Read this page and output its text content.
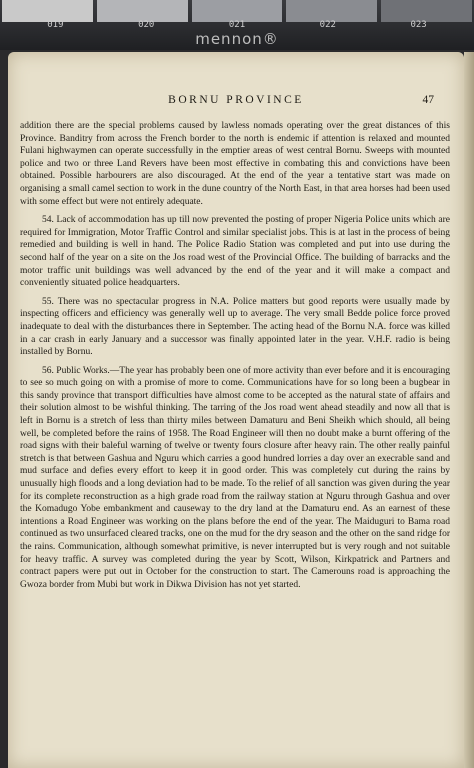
019	020	021	022	023
mennon®
BORNU PROVINCE	47

addition there are the special problems caused by lawless nomads operating over the great distances of this Province. Banditry from across the French border to the north is endemic if attention is relaxed and mounted Fulani highwaymen can operate successfully in the emptier areas of west central Bornu. Sweeps with mounted police and two or three Land Revers have been most effective in combating this and convictions have been obtained. Possible harbourers are also discouraged. At the end of the year a tentative start was made on organising a small camel section to work in the dune country of the North East, in that area horses had been used with some effect but were not entirely adequate.

54. Lack of accommodation has up till now prevented the posting of proper Nigeria Police units which are required for Immigration, Motor Traffic Control and similar specialist jobs. This is at last in the process of being remedied and building is well in hand. The Police Radio Station was completed and put into use during the second half of the year on a site on the Jos road west of the Provincial Office. The building of barracks and the motor traffic unit buildings was well advanced by the end of the year and it will make a compact and conveniently situated police headquarters.

55. There was no spectacular progress in N.A. Police matters but good reports were usually made by inspecting officers and efficiency was generally well up to average. The very small Bedde police force proved inadequate to deal with the disturbances there in September. The acting head of the Bornu N.A. force was killed in a car crash in early January and a successor was finally appointed later in the year. V.H.F. radio is being installed by Bornu.

56. Public Works.—The year has probably been one of more activity than ever before and it is encouraging to see so much going on with a promise of more to come. Communications have for so long been a bugbear in this sandy province that transport difficulties have almost come to be accepted as the natural state of affairs and their solution almost to be wishful thinking. The tarring of the Jos road went ahead steadily and now all that is left in Bornu is a stretch of less than thirty miles between Damaturu and Beni Sheikh which should, all being well, be completed before the rains of 1958. The Road Engineer will then no doubt make a burnt offering of the road signs with their baleful warning of twelve or twenty fours closure after heavy rain. The other really painful stretch is that between Gashua and Nguru which carries a good hundred lorries a day over an execrable sand and mud surface and defies every effort to keep it in good order. This was completely cut during the rains by unusually high floods and a long deviation had to be made. To the relief of all sanction was given during the year for its complete reconstruction as a high grade road from the railway station at Nguru through Gashua and over the Komadugo Yobe embankment and causeway to the dry land at the Damaturu end. As an earnest of these intentions a Road Engineer was working on the plans before the end of the year. The Maiduguri to Bama road continued as two unsurfaced cleared tracks, one on the mud for the dry season and the other on the sand ridge for the rains. Communication, although somewhat primitive, is never interrupted but is very rough and not suitable for heavy traffic. A survey was completed during the year by Scott, Wilson, Kirkpatrick and Partners and contract papers were put out in October for the construction to start. The Camerouns road is approaching the Gwoza border from Mubi but work in Dikwa Division has not yet started.
